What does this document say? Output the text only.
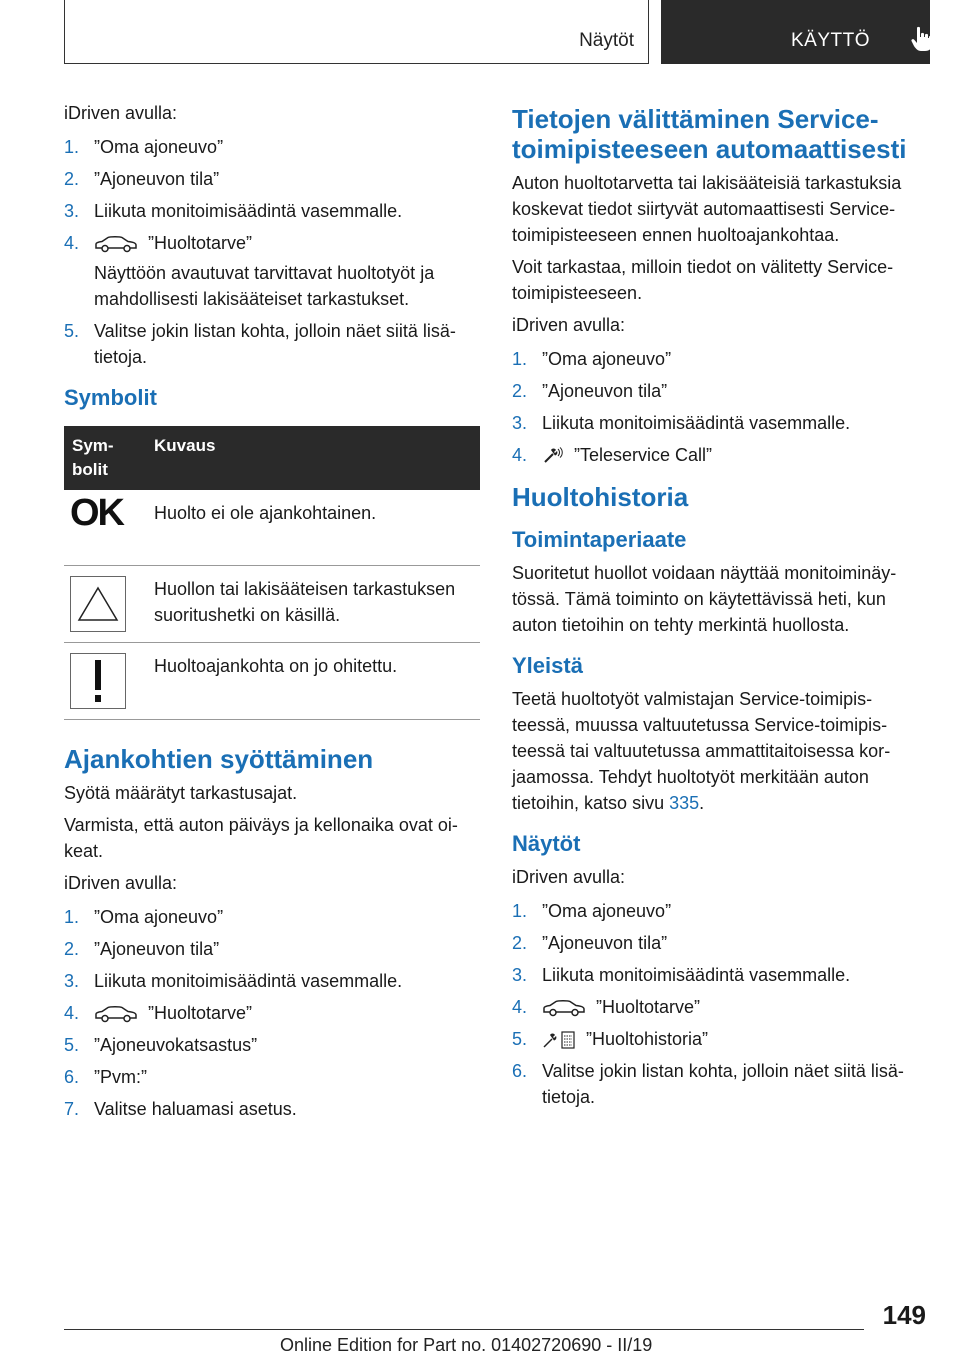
Näytöt	KÄYTTÖ

iDriven avulla:

1. ”Oma ajoneuvo”
2. ”Ajoneuvon tila”
3. Liikuta monitoimisäädintä vasemmalle.
4.	”Huoltotarve”
Näyttöön avautuvat tarvittavat huoltotyöt ja mahdollisesti lakisääteiset tarkastukset.
5. Valitse jokin listan kohta, jolloin näet siitä lisätietoja.
Symbolit
Symbolit	Kuvaus
OK	Huolto ei ole ajankohtainen.

	Huollon tai lakisääteisen tarkastuksen suoritushetki on käsillä.

	Huoltoajankohta on jo ohitettu.
Ajankohtien syöttäminen

Syötä määrätyt tarkastusajat.

Varmista, että auton päiväys ja kellonaika ovat oikeat.

iDriven avulla:

1. ”Oma ajoneuvo”
2. ”Ajoneuvon tila”
3. Liikuta monitoimisäädintä vasemmalle.
4.	”Huoltotarve”
5. ”Ajoneuvokatsastus”
6. ”Pvm:”
7. Valitse haluamasi asetus.
Tietojen välittäminen Service-toimipisteeseen automaattisesti

Auton huoltotarvetta tai lakisääteisiä tarkastuksia koskevat tiedot siirtyvät automaattisesti Service-toimipisteeseen ennen huoltoajankohtaa.

Voit tarkastaa, milloin tiedot on välitetty Service-toimipisteeseen.

iDriven avulla:

1. ”Oma ajoneuvo”
2. ”Ajoneuvon tila”
3. Liikuta monitoimisäädintä vasemmalle.
4.	”Teleservice Call”
Huoltohistoria
Toimintaperiaate

Suoritetut huollot voidaan näyttää monitoiminäytössä. Tämä toiminto on käytettävissä heti, kun auton tietoihin on tehty merkintä huollosta.

Yleistä

Teetä huoltotyöt valmistajan Service-toimipisteessä, muussa valtuutetussa Service-toimipisteessä tai valtuutetussa ammattitaitoisessa korjaamossa. Tehdyt huoltotyöt merkitään auton tietoihin, katso sivu 335.

Näytöt

iDriven avulla:

1. ”Oma ajoneuvo”
2. ”Ajoneuvon tila”
3. Liikuta monitoimisäädintä vasemmalle.
4.	”Huoltotarve”
5.	”Huoltohistoria”
6. Valitse jokin listan kohta, jolloin näet siitä lisätietoja.
149
Online Edition for Part no. 01402720690 - II/19
